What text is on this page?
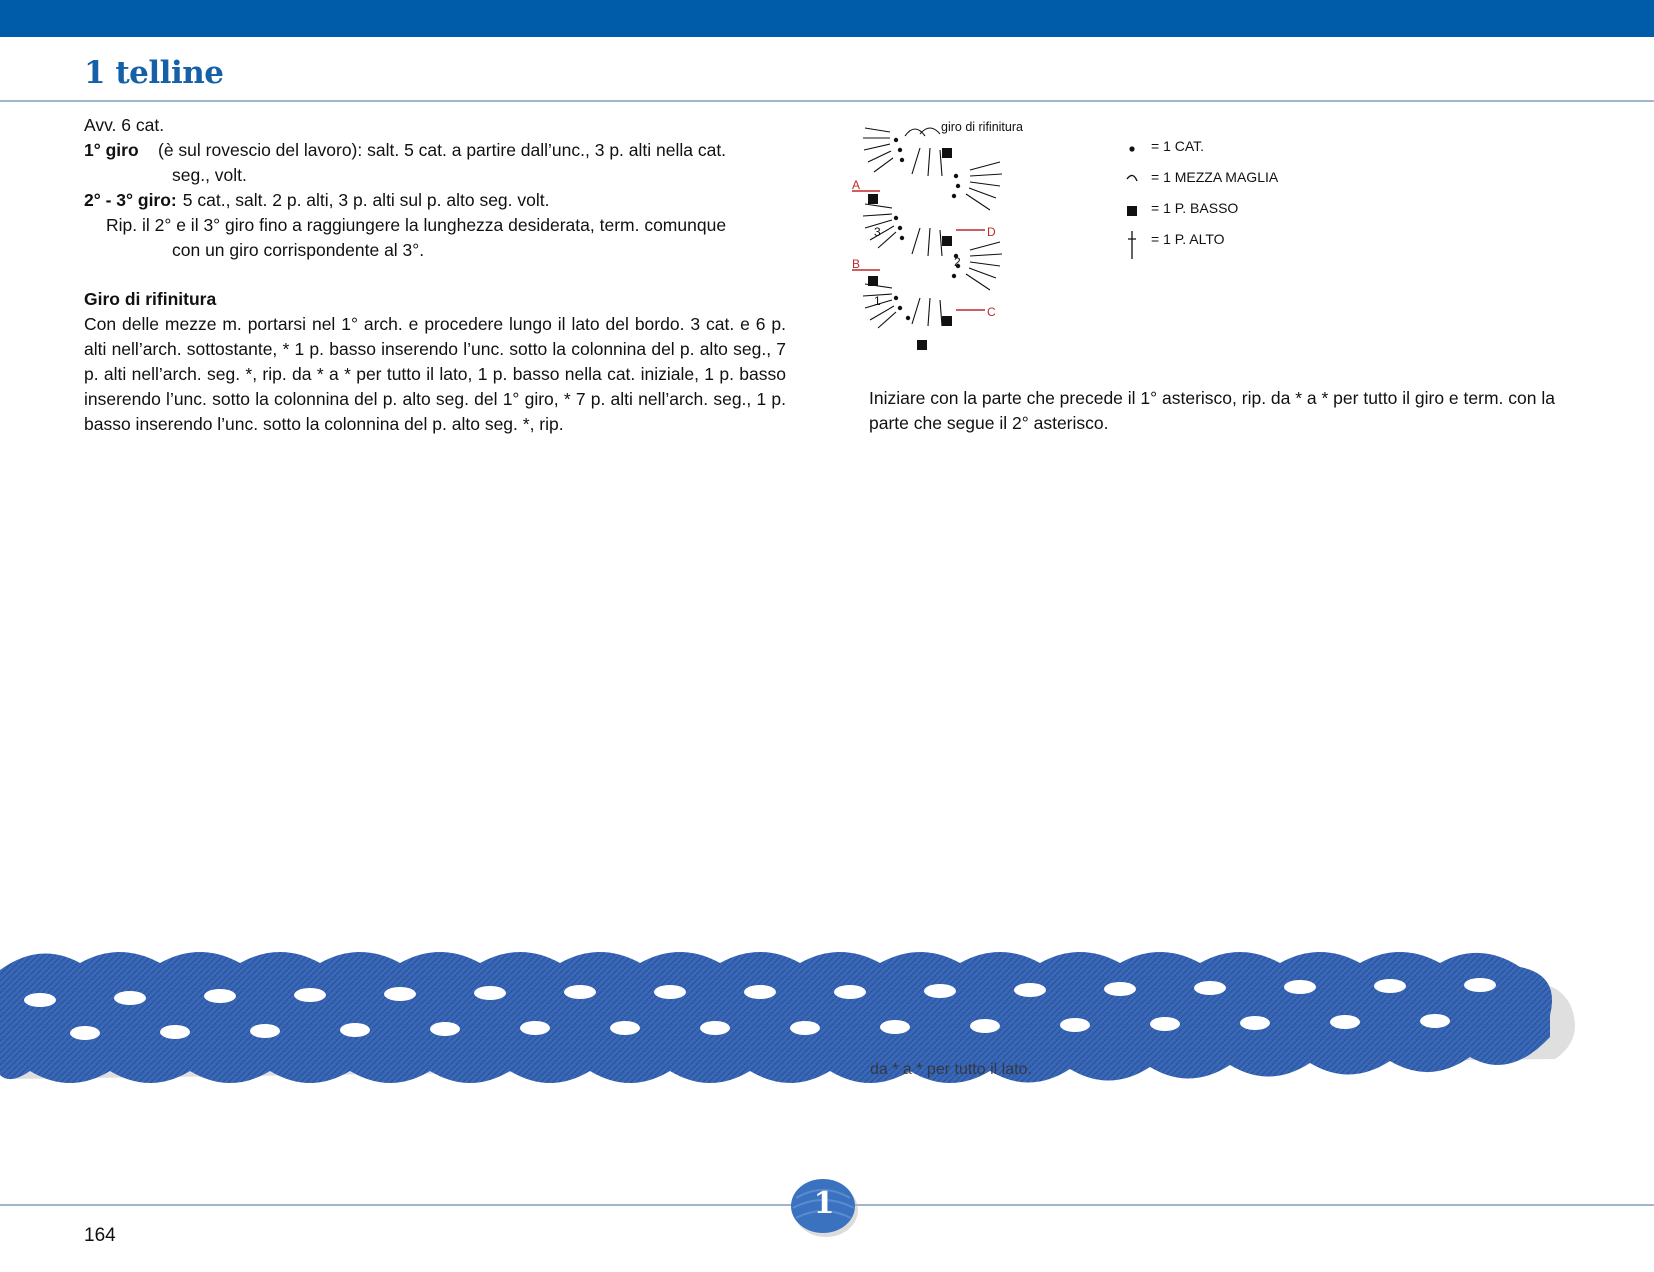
1 telline

Avv. 6 cat.

1° giro	(è sul rovescio del lavoro): salt. 5 cat. a partire dall’unc., 3 p. alti nella cat.

seg., volt.

2° - 3° giro: 5 cat., salt. 2 p. alti, 3 p. alti sul p. alto seg. volt.

Rip. il 2° e il 3° giro fino a raggiungere la lunghezza desiderata, term. comunque

con un giro corrispondente al 3°.

Giro di rifinitura

Con delle mezze m. portarsi nel 1° arch. e procedere lungo il lato del bordo. 3 cat. e 6 p. alti nell’arch. sottostante, * 1 p. basso inserendo l’unc. sotto la colonnina del p. alto seg., 7 p. alti nell’arch. seg. *, rip. da * a * per tutto il lato, 1 p. basso nella cat. iniziale, 1 p. basso inserendo l’unc. sotto la colonnina del p. alto seg. del 1° giro, * 7 p. alti nell’arch. seg., 1 p. basso inserendo l’unc. sotto la colonnina del p. alto seg. *, rip.

giro di rifinitura
1
2
3
A
B
C
D
= 1 CAT.
= 1 MEZZA MAGLIA
= 1 P. BASSO
= 1 P. ALTO

Iniziare con la parte che precede il 1° asterisco, rip. da * a * per tutto il giro e term. con la parte che segue il 2° asterisco.

da * a * per tutto il lato.
1
164
